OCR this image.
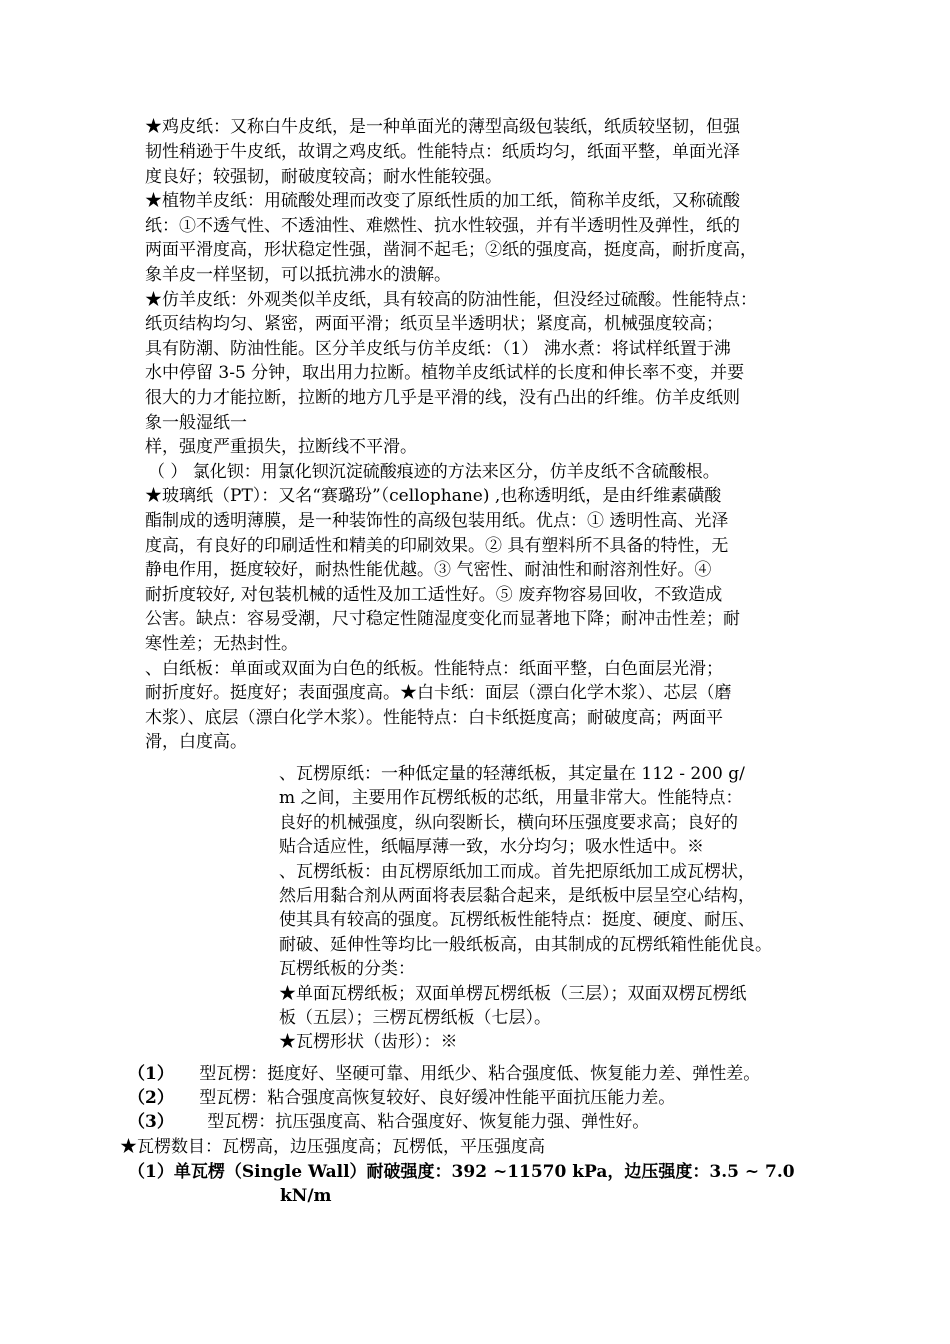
★鸡皮纸：又称白牛皮纸，是一种单面光的薄型高级包装纸，纸质较坚韧，但强
韧性稍逊于牛皮纸，故谓之鸡皮纸。性能特点：纸质均匀，纸面平整，单面光泽
度良好；较强韧，耐破度较高；耐水性能较强。
★植物羊皮纸：用硫酸处理而改变了原纸性质的加工纸，简称羊皮纸，又称硫酸
纸：①不透气性、不透油性、难燃性、抗水性较强，并有半透明性及弹性，纸的
两面平滑度高，形状稳定性强，凿洞不起毛；②纸的强度高，挺度高，耐折度高，
象羊皮一样坚韧，可以抵抗沸水的溃解。
★仿羊皮纸：外观类似羊皮纸，具有较高的防油性能，但没经过硫酸。性能特点：
纸页结构均匀、紧密，两面平滑；纸页呈半透明状；紧度高，机械强度较高；
具有防潮、防油性能。区分羊皮纸与仿羊皮纸：（1） 沸水煮：将试样纸置于沸
水中停留 3-5 分钟，取出用力拉断。植物羊皮纸试样的长度和伸长率不变，并要
很大的力才能拉断，拉断的地方几乎是平滑的线，没有凸出的纤维。仿羊皮纸则
象一般湿纸一
样，强度严重损失，拉断线不平滑。
（ ） 氯化钡：用氯化钡沉淀硫酸痕迹的方法来区分，仿羊皮纸不含硫酸根。
★玻璃纸（PT）：又名“赛璐玢”（cellophane) ,也称透明纸，是由纤维素磺酸
酯制成的透明薄膜，是一种装饰性的高级包装用纸。优点：① 透明性高、光泽
度高，有良好的印刷适性和精美的印刷效果。② 具有塑料所不具备的特性，无
静电作用，挺度较好，耐热性能优越。③ 气密性、耐油性和耐溶剂性好。④
耐折度较好, 对包装机械的适性及加工适性好。⑤ 废弃物容易回收，不致造成
公害。缺点：容易受潮，尺寸稳定性随湿度变化而显著地下降；耐冲击性差；耐
寒性差；无热封性。
、白纸板：单面或双面为白色的纸板。性能特点：纸面平整，白色面层光滑；
耐折度好。挺度好；表面强度高。★白卡纸：面层（漂白化学木浆）、芯层（磨
木浆）、底层（漂白化学木浆）。性能特点：白卡纸挺度高；耐破度高；两面平
滑，白度高。
、瓦楞原纸：一种低定量的轻薄纸板，其定量在 112 - 200 g/
m 之间，主要用作瓦楞纸板的芯纸，用量非常大。性能特点：
良好的机械强度，纵向裂断长，横向环压强度要求高；良好的
贴合适应性，纸幅厚薄一致，水分均匀；吸水性适中。※
、瓦楞纸板：由瓦楞原纸加工而成。首先把原纸加工成瓦楞状，
然后用黏合剂从两面将表层黏合起来，是纸板中层呈空心结构，
使其具有较高的强度。瓦楞纸板性能特点：挺度、硬度、耐压、
耐破、延伸性等均比一般纸板高，由其制成的瓦楞纸箱性能优良。
瓦楞纸板的分类：
★单面瓦楞纸板；双面单楞瓦楞纸板（三层）；双面双楞瓦楞纸
板（五层）；三楞瓦楞纸板（七层）。
★瓦楞形状（齿形）：※
（1） 型瓦楞：挺度好、坚硬可靠、用纸少、粘合强度低、恢复能力差、弹性差。
（2） 型瓦楞：粘合强度高恢复较好、良好缓冲性能平面抗压能力差。
（3） 型瓦楞：抗压强度高、粘合强度好、恢复能力强、弹性好。
★瓦楞数目：瓦楞高，边压强度高；瓦楞低，平压强度高
（1）单瓦楞（Single Wall）耐破强度：392 ~11570 kPa，边压强度：3.5 ~ 7.0
kN/m
